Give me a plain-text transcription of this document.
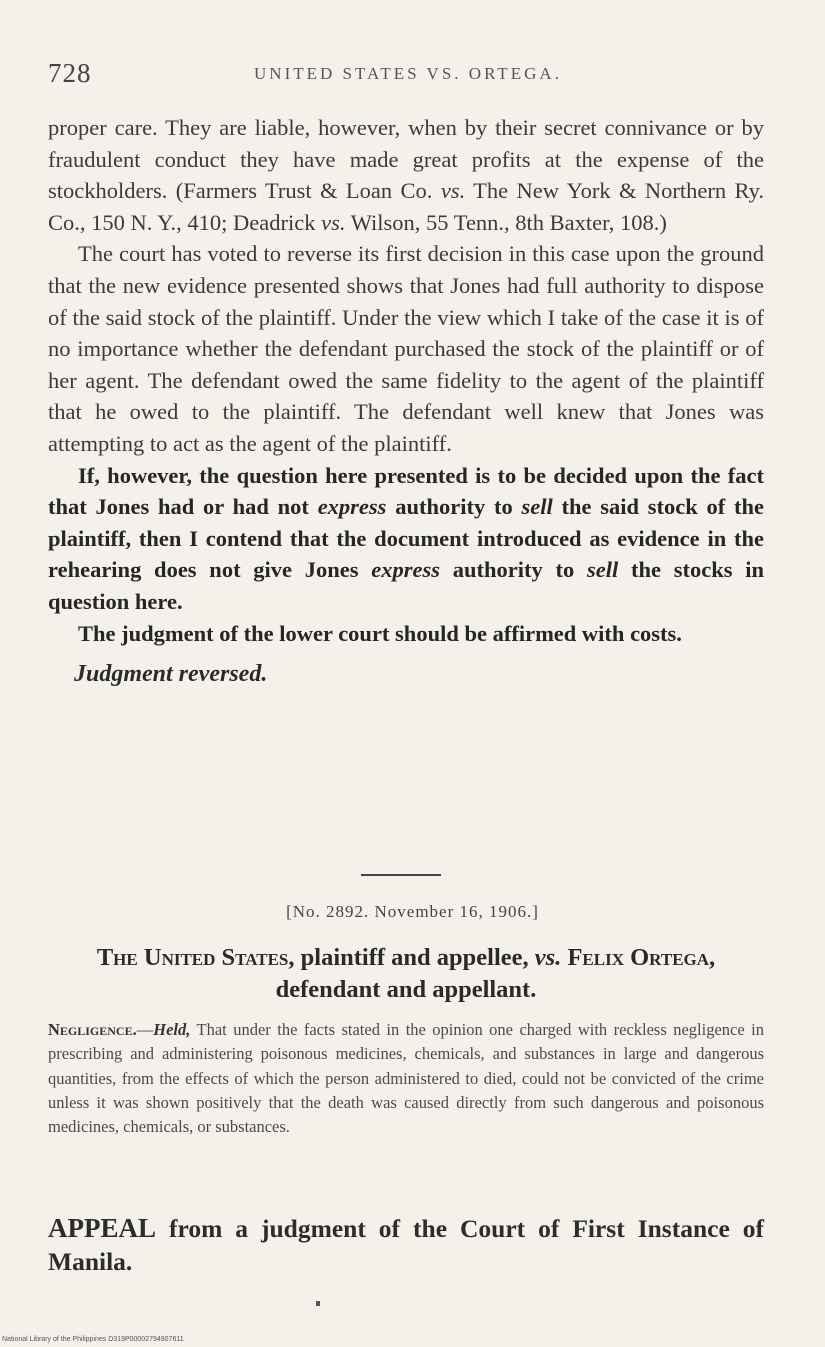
728	UNITED STATES VS. ORTEGA.

proper care. They are liable, however, when by their secret connivance or by fraudulent conduct they have made great profits at the expense of the stockholders. (Farmers Trust & Loan Co. vs. The New York & Northern Ry. Co., 150 N. Y., 410; Deadrick vs. Wilson, 55 Tenn., 8th Baxter, 108.)

The court has voted to reverse its first decision in this case upon the ground that the new evidence presented shows that Jones had full authority to dispose of the said stock of the plaintiff. Under the view which I take of the case it is of no importance whether the defendant purchased the stock of the plaintiff or of her agent. The defendant owed the same fidelity to the agent of the plaintiff that he owed to the plaintiff. The defendant well knew that Jones was attempting to act as the agent of the plaintiff.

If, however, the question here presented is to be decided upon the fact that Jones had or had not express authority to sell the said stock of the plaintiff, then I contend that the document introduced as evidence in the rehearing does not give Jones express authority to sell the stocks in question here.

The judgment of the lower court should be affirmed with costs.

Judgment reversed.

[No. 2892. November 16, 1906.]
The United States, plaintiff and appellee, vs. Felix Ortega, defendant and appellant.
Negligence.—Held, That under the facts stated in the opinion one charged with reckless negligence in prescribing and administering poisonous medicines, chemicals, and substances in large and dangerous quantities, from the effects of which the person administered to died, could not be convicted of the crime unless it was shown positively that the death was caused directly from such dangerous and poisonous medicines, chemicals, or substances.
APPEAL from a judgment of the Court of First Instance of Manila.
National Library of the Philippines D319P00002794907611
